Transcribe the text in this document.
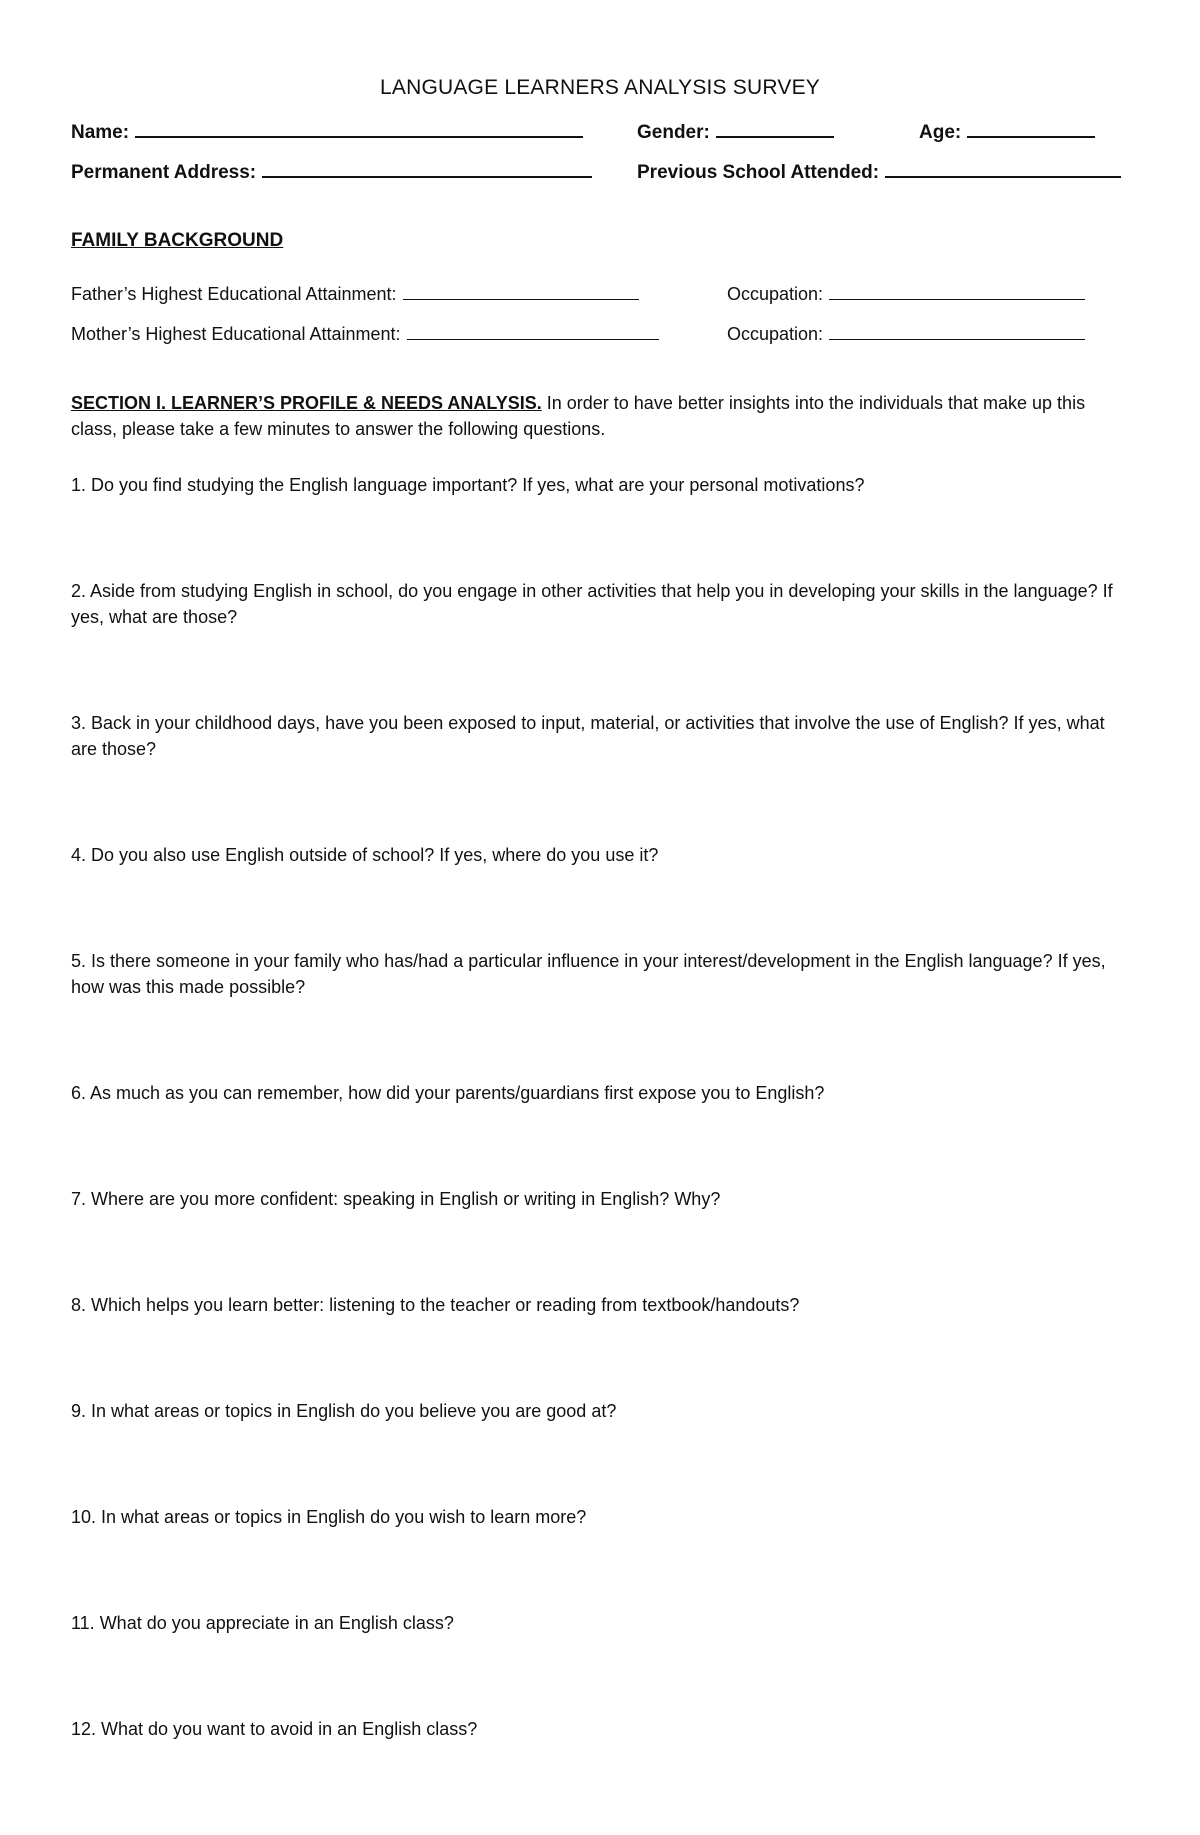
LANGUAGE LEARNERS ANALYSIS SURVEY
Name:	Gender:	Age:
Permanent Address:	Previous School Attended:
FAMILY BACKGROUND
Father’s Highest Educational Attainment:	Occupation:
Mother’s Highest Educational Attainment:	Occupation:
SECTION I. LEARNER’S PROFILE & NEEDS ANALYSIS. In order to have better insights into the individuals that make up this class, please take a few minutes to answer the following questions.
1. Do you find studying the English language important? If yes, what are your personal motivations?
2. Aside from studying English in school, do you engage in other activities that help you in developing your skills in the language? If yes, what are those?
3. Back in your childhood days, have you been exposed to input, material, or activities that involve the use of English? If yes, what are those?
4. Do you also use English outside of school? If yes, where do you use it?
5. Is there someone in your family who has/had a particular influence in your interest/development in the English language? If yes, how was this made possible?
6. As much as you can remember, how did your parents/guardians first expose you to English?
7. Where are you more confident: speaking in English or writing in English? Why?
8. Which helps you learn better: listening to the teacher or reading from textbook/handouts?
9. In what areas or topics in English do you believe you are good at?
10. In what areas or topics in English do you wish to learn more?
11. What do you appreciate in an English class?
12. What do you want to avoid in an English class?
